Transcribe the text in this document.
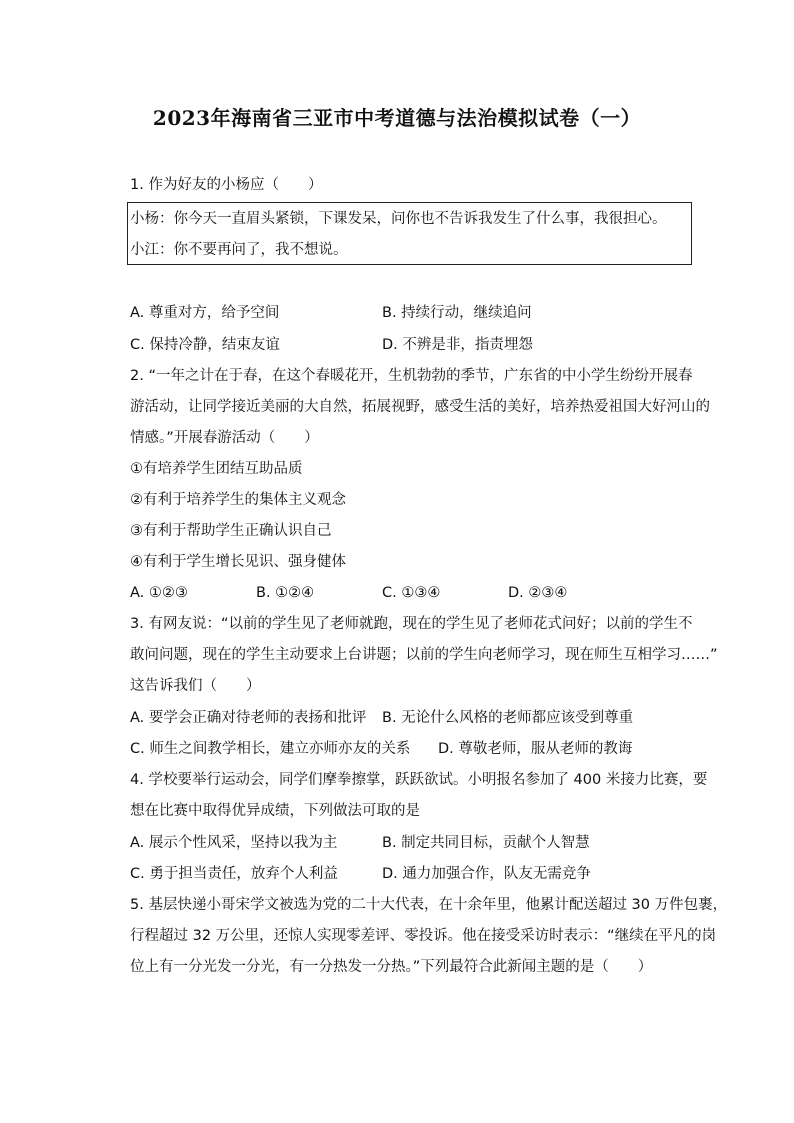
2023年海南省三亚市中考道德与法治模拟试卷（一）
1. 作为好友的小杨应（　　）
小杨：你今天一直眉头紧锁，下课发呆，问你也不告诉我发生了什么事，我很担心。
小江：你不要再问了，我不想说。
A. 尊重对方，给予空间	B. 持续行动，继续追问
C. 保持冷静，结束友谊	D. 不辨是非，指责埋怨
2. “一年之计在于春，在这个春暖花开，生机勃勃的季节，广东省的中小学生纷纷开展春
游活动，让同学接近美丽的大自然，拓展视野，感受生活的美好，培养热爱祖国大好河山的
情感。”开展春游活动（　　）
①有培养学生团结互助品质
②有利于培养学生的集体主义观念
③有利于帮助学生正确认识自己
④有利于学生增长见识、强身健体
A. ①②③	B. ①②④	C. ①③④	D. ②③④
3. 有网友说：“以前的学生见了老师就跑，现在的学生见了老师花式问好；以前的学生不
敢问问题，现在的学生主动要求上台讲题；以前的学生向老师学习，现在师生互相学习……”
这告诉我们（　　）
A. 要学会正确对待老师的表扬和批评 B. 无论什么风格的老师都应该受到尊重
C. 师生之间教学相长，建立亦师亦友的关系 D. 尊敬老师，服从老师的教诲
4. 学校要举行运动会，同学们摩拳擦掌，跃跃欲试。小明报名参加了 400 米接力比赛，要
想在比赛中取得优异成绩，下列做法可取的是
A. 展示个性风采，坚持以我为主	B. 制定共同目标，贡献个人智慧
C. 勇于担当责任，放弃个人利益	D. 通力加强合作，队友无需竞争
5. 基层快递小哥宋学文被选为党的二十大代表，在十余年里，他累计配送超过 30 万件包裹，
行程超过 32 万公里，还惊人实现零差评、零投诉。他在接受采访时表示：“继续在平凡的岗
位上有一分光发一分光，有一分热发一分热。”下列最符合此新闻主题的是（　　）
